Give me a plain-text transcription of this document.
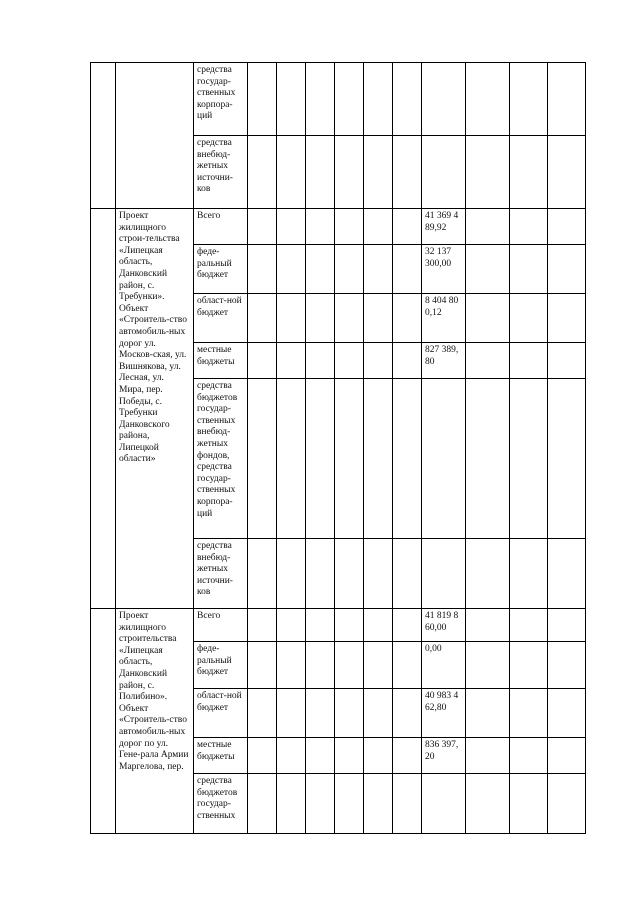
		средства государ-ственных корпора-ций										
		средства внебюд-жетных источни-ков										
	Проект жилищного строи-тельства «Липецкая область, Данковский район, с. Требунки». Объект «Строитель-ство автомобиль-ных дорог ул. Москов-ская, ул. Вишнякова, ул. Лесная, ул. Мира, пер. Победы, с. Требунки Данковского района, Липецкой области»	Всего							41 369 4 89,92			
		феде-ральный бюджет							32 137 300,00			
		област-ной бюджет							8 404 80 0,12			
		местные бюджеты							827 389, 80			
		средства бюджетов государ-ственных внебюд-жетных фондов, средства государ-ственных корпора-ций										
		средства внебюд-жетных источни-ков										
	Проект жилищного строительства «Липецкая область, Данковский район, с. Полибино». Объект «Строитель-ство автомобиль-ных дорог по ул. Гене-рала Армии Маргелова, пер.	Всего							41 819 8 60,00			
		феде-ральный бюджет							0,00			
		област-ной бюджет							40 983 4 62,80			
		местные бюджеты							836 397, 20			
		средства бюджетов государ-ственных										
